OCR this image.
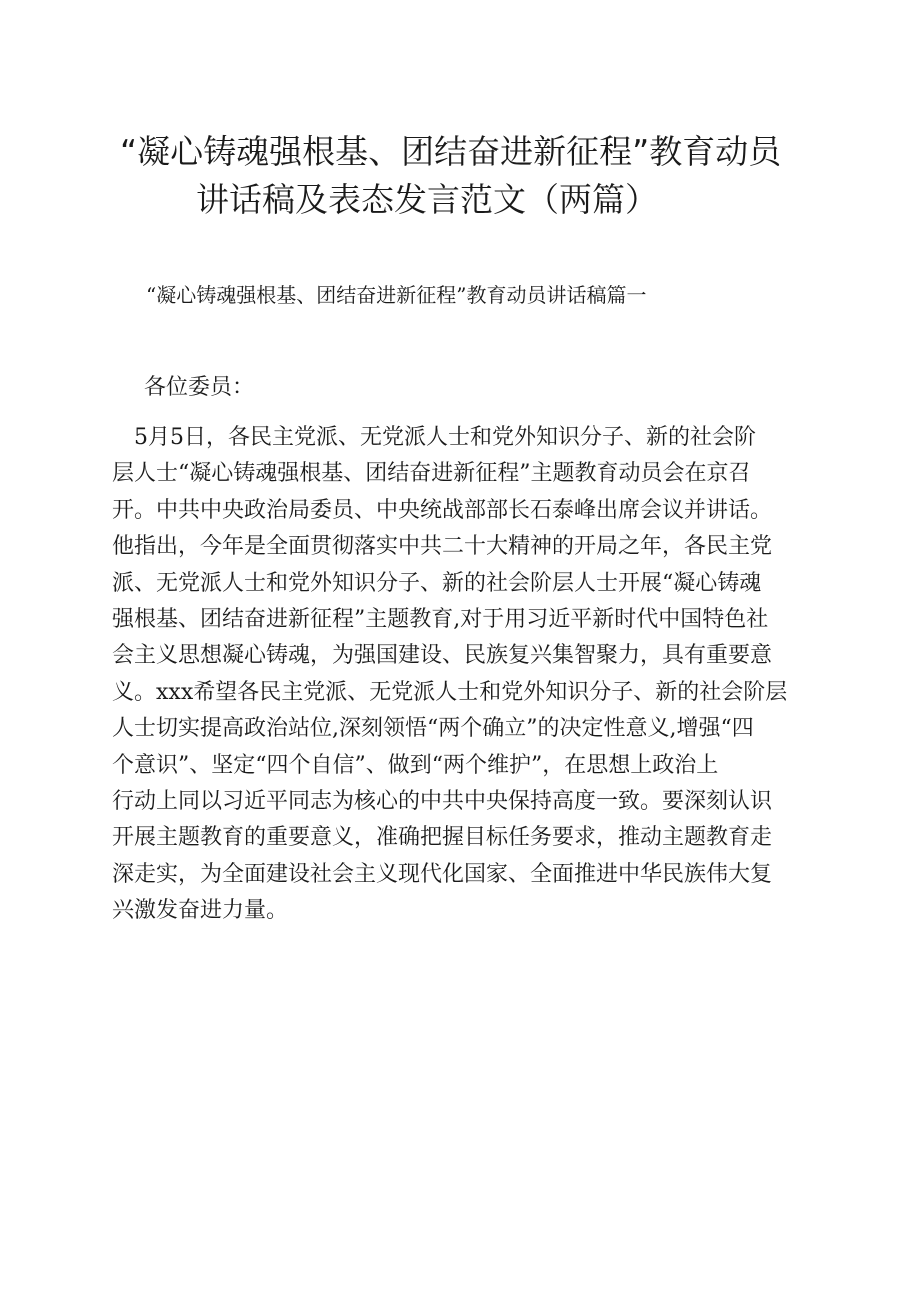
“凝心铸魂强根基、团结奋进新征程”教育动员
讲话稿及表态发言范文（两篇）

“凝心铸魂强根基、团结奋进新征程”教育动员讲话稿篇一

各位委员：

　5月5日，各民主党派、无党派人士和党外知识分子、新的社会阶
层人士“凝心铸魂强根基、团结奋进新征程”主题教育动员会在京召
开。中共中央政治局委员、中央统战部部长石泰峰出席会议并讲话。
他指出，今年是全面贯彻落实中共二十大精神的开局之年，各民主党
派、无党派人士和党外知识分子、新的社会阶层人士开展“凝心铸魂
强根基、团结奋进新征程”主题教育,对于用习近平新时代中国特色社
会主义思想凝心铸魂，为强国建设、民族复兴集智聚力，具有重要意
义。xxx希望各民主党派、无党派人士和党外知识分子、新的社会阶层
人士切实提高政治站位,深刻领悟“两个确立”的决定性意义,增强“四
个意识”、坚定“四个自信”、做到“两个维护”，在思想上政治上
行动上同以习近平同志为核心的中共中央保持高度一致。要深刻认识
开展主题教育的重要意义，准确把握目标任务要求，推动主题教育走
深走实，为全面建设社会主义现代化国家、全面推进中华民族伟大复
兴激发奋进力量。
